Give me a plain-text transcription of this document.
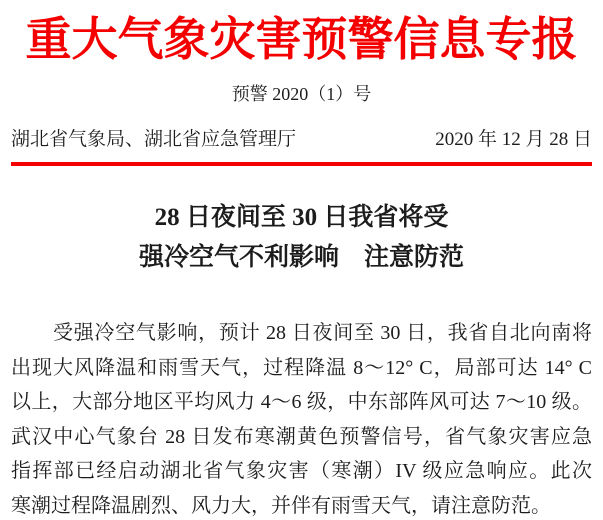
重大气象灾害预警信息专报
预警 2020（1）号
湖北省气象局、湖北省应急管理厅	2020 年 12 月 28 日
28 日夜间至 30 日我省将受
强冷空气不利影响　注意防范
受强冷空气影响，预计 28 日夜间至 30 日，我省自北向南将
出现大风降温和雨雪天气，过程降温 8～12° C，局部可达 14° C
以上，大部分地区平均风力 4～6 级，中东部阵风可达 7～10 级。
武汉中心气象台 28 日发布寒潮黄色预警信号，省气象灾害应急
指挥部已经启动湖北省气象灾害（寒潮）IV 级应急响应。此次
寒潮过程降温剧烈、风力大，并伴有雨雪天气，请注意防范。
